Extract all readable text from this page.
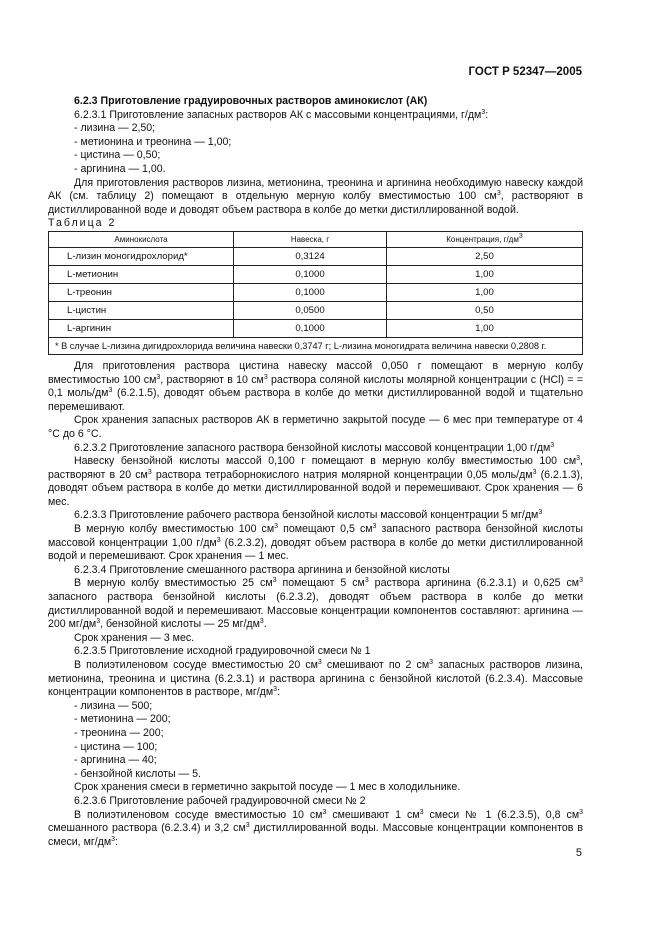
ГОСТ Р 52347—2005

6.2.3 Приготовление градуировочных растворов аминокислот (АК)

6.2.3.1 Приготовление запасных растворов АК с массовыми концентрациями, $г/дм^3$:

- лизина — 2,50;

- метионина и треонина — 1,00;

- цистина — 0,50;

- аргинина — 1,00.

Для приготовления растворов лизина, метионина, треонина и аргинина необходимую навеску каждой АК (см. таблицу 2) помещают в отдельную мерную колбу вместимостью 100 $см^3$, растворяют в дистиллированной воде и доводят объем раствора в колбе до метки дистиллированной водой.

Таблица 2

Аминокислота	Навеска, г	Концентрация, $г/дм^3$
L-лизин моногидрохлорид*	0,3124	2,50
L-метионин	0,1000	1,00
L-треонин	0,1000	1,00
L-цистин	0,0500	0,50
L-аргинин	0,1000	1,00
* В случае L-лизина дигидрохлорида величина навески 0,3747 г; L-лизина моногидрата величина навески 0,2808 г.		

Для приготовления раствора цистина навеску массой 0,050 г помещают в мерную колбу вместимостью 100 $см^3$, растворяют в 10 $см^3$ раствора соляной кислоты молярной концентрации с (HCl) = = 0,1 моль/$дм^3$ (6.2.1.5), доводят объем раствора в колбе до метки дистиллированной водой и тщательно перемешивают.

Срок хранения запасных растворов АК в герметично закрытой посуде — 6 мес при температуре от 4 °С до 6 °С.

6.2.3.2 Приготовление запасного раствора бензойной кислоты массовой концентрации 1,00 $г/дм^3$

Навеску бензойной кислоты массой 0,100 г помещают в мерную колбу вместимостью 100 $см^3$, растворяют в 20 $см^3$ раствора тетраборнокислого натрия молярной концентрации 0,05 моль/$дм^3$ (6.2.1.3), доводят объем раствора в колбе до метки дистиллированной водой и перемешивают. Срок хранения — 6 мес.

6.2.3.3 Приготовление рабочего раствора бензойной кислоты массовой концентрации 5 $мг/дм^3$

В мерную колбу вместимостью 100 $см^3$ помещают 0,5 $см^3$ запасного раствора бензойной кислоты массовой концентрации 1,00 $г/дм^3$ (6.2.3.2), доводят объем раствора в колбе до метки дистиллированной водой и перемешивают. Срок хранения — 1 мес.

6.2.3.4 Приготовление смешанного раствора аргинина и бензойной кислоты

В мерную колбу вместимостью 25 $см^3$ помещают 5 $см^3$ раствора аргинина (6.2.3.1) и 0,625 $см^3$ запасного раствора бензойной кислоты (6.2.3.2), доводят объем раствора в колбе до метки дистиллированной водой и перемешивают. Массовые концентрации компонентов составляют: аргинина — 200 $мг/дм^3$, бензойной кислоты — 25 $мг/дм^3$.

Срок хранения — 3 мес.

6.2.3.5 Приготовление исходной градуировочной смеси № 1

В полиэтиленовом сосуде вместимостью 20 $см^3$ смешивают по 2 $см^3$ запасных растворов лизина, метионина, треонина и цистина (6.2.3.1) и раствора аргинина с бензойной кислотой (6.2.3.4). Массовые концентрации компонентов в растворе, $мг/дм^3$:

- лизина — 500;

- метионина — 200;

- треонина — 200;

- цистина — 100;

- аргинина — 40;

- бензойной кислоты — 5.

Срок хранения смеси в герметично закрытой посуде — 1 мес в холодильнике.

6.2.3.6 Приготовление рабочей градуировочной смеси № 2

В полиэтиленовом сосуде вместимостью 10 $см^3$ смешивают 1 $см^3$ смеси № 1 (6.2.3.5), 0,8 $см^3$ смешанного раствора (6.2.3.4) и 3,2 $см^3$ дистиллированной воды. Массовые концентрации компонентов в смеси, $мг/дм^3$:

5
